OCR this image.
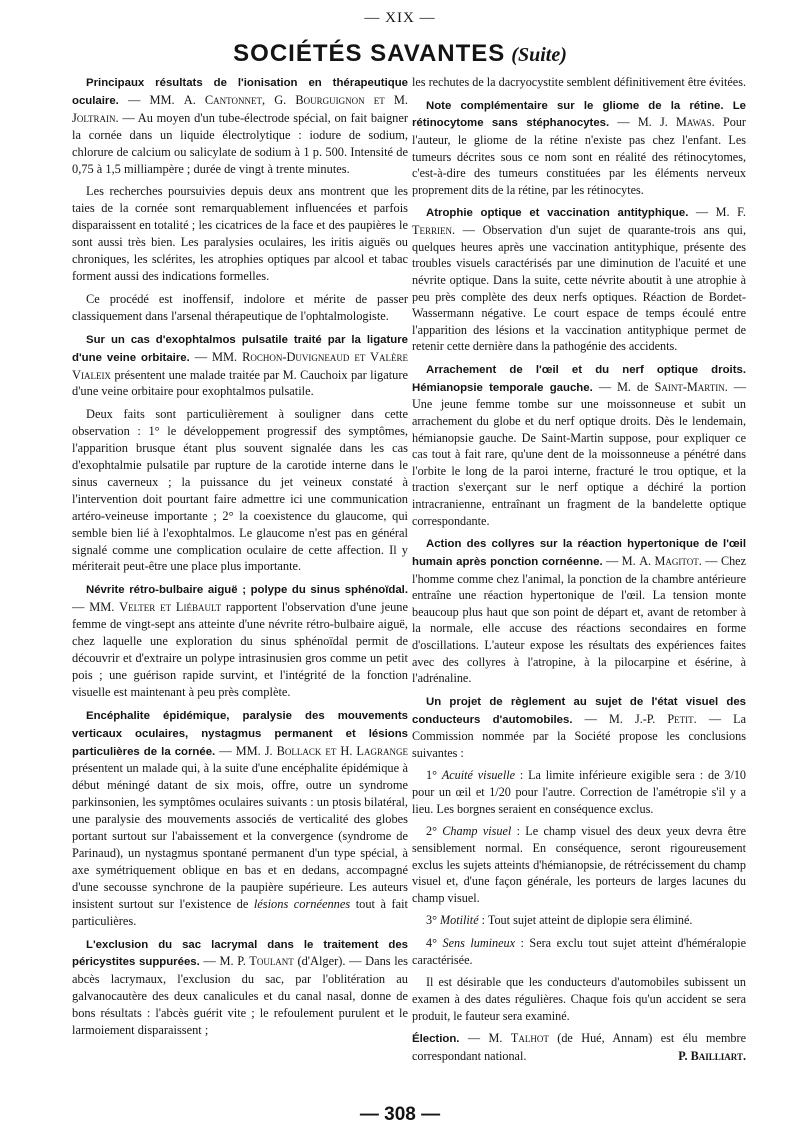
— XIX —
SOCIÉTÉS SAVANTES (Suite)

Principaux résultats de l'ionisation en thérapeutique oculaire. — MM. A. Cantonnet, G. Bourguignon et M. Joltrain. — Au moyen d'un tube-électrode spécial, on fait baigner la cornée dans un liquide électrolytique : iodure de sodium, chlorure de calcium ou salicylate de sodium à 1 p. 500. Intensité de 0,75 à 1,5 milliampère ; durée de vingt à trente minutes.

Les recherches poursuivies depuis deux ans montrent que les taies de la cornée sont remarquablement influencées et parfois disparaissent en totalité ; les cicatrices de la face et des paupières le sont aussi très bien. Les paralysies oculaires, les iritis aiguës ou chroniques, les sclérites, les atrophies optiques par alcool et tabac forment aussi des indications formelles.

Ce procédé est inoffensif, indolore et mérite de passer classiquement dans l'arsenal thérapeutique de l'ophtalmologiste.

Sur un cas d'exophtalmos pulsatile traité par la ligature d'une veine orbitaire. — MM. Rochon-Duvigneaud et Valère Vialeix présentent une malade traitée par M. Cauchoix par ligature d'une veine orbitaire pour exophtalmos pulsatile.

Deux faits sont particulièrement à souligner dans cette observation : 1° le développement progressif des symptômes, l'apparition brusque étant plus souvent signalée dans les cas d'exophtalmie pulsatile par rupture de la carotide interne dans le sinus caverneux ; la puissance du jet veineux constaté à l'intervention doit pourtant faire admettre ici une communication artéro-veineuse importante ; 2° la coexistence du glaucome, qui semble bien lié à l'exophtalmos. Le glaucome n'est pas en général signalé comme une complication oculaire de cette affection. Il y mériterait peut-être une place plus importante.

Névrite rétro-bulbaire aiguë ; polype du sinus sphénoïdal. — MM. Velter et Liébault rapportent l'observation d'une jeune femme de vingt-sept ans atteinte d'une névrite rétro-bulbaire aiguë, chez laquelle une exploration du sinus sphénoïdal permit de découvrir et d'extraire un polype intrasinusien gros comme un petit pois ; une guérison rapide survint, et l'intégrité de la fonction visuelle est maintenant à peu près complète.

Encéphalite épidémique, paralysie des mouvements verticaux oculaires, nystagmus permanent et lésions particulières de la cornée. — MM. J. Bollack et H. Lagrange présentent un malade qui, à la suite d'une encéphalite épidémique à début méningé datant de six mois, offre, outre un syndrome parkinsonien, les symptômes oculaires suivants : un ptosis bilatéral, une paralysie des mouvements associés de verticalité des globes portant surtout sur l'abaissement et la convergence (syndrome de Parinaud), un nystagmus spontané permanent d'un type spécial, à axe symétriquement oblique en bas et en dedans, accompagné d'une secousse synchrone de la paupière supérieure. Les auteurs insistent surtout sur l'existence de lésions cornéennes tout à fait particulières.

L'exclusion du sac lacrymal dans le traitement des péricystites suppurées. — M. P. Toulant (d'Alger). — Dans les abcès lacrymaux, l'exclusion du sac, par l'oblitération au galvanocautère des deux canalicules et du canal nasal, donne de bons résultats : l'abcès guérit vite ; le refoulement purulent et le larmoiement disparaissent ;

les rechutes de la dacryocystite semblent définitivement être évitées.

Note complémentaire sur le gliome de la rétine. Le rétinocytome sans stéphanocytes. — M. J. Mawas. Pour l'auteur, le gliome de la rétine n'existe pas chez l'enfant. Les tumeurs décrites sous ce nom sont en réalité des rétinocytomes, c'est-à-dire des tumeurs constituées par les éléments nerveux proprement dits de la rétine, par les rétinocytes.

Atrophie optique et vaccination antityphique. — M. F. Terrien. — Observation d'un sujet de quarante-trois ans qui, quelques heures après une vaccination antityphique, présente des troubles visuels caractérisés par une diminution de l'acuité et une névrite optique. Dans la suite, cette névrite aboutit à une atrophie à peu près complète des deux nerfs optiques. Réaction de Bordet-Wassermann négative. Le court espace de temps écoulé entre l'apparition des lésions et la vaccination antityphique permet de retenir cette dernière dans la pathogénie des accidents.

Arrachement de l'œil et du nerf optique droits. Hémianopsie temporale gauche. — M. de Saint-Martin. — Une jeune femme tombe sur une moissonneuse et subit un arrachement du globe et du nerf optique droits. Dès le lendemain, hémianopsie gauche. De Saint-Martin suppose, pour expliquer ce cas tout à fait rare, qu'une dent de la moissonneuse a pénétré dans l'orbite le long de la paroi interne, fracturé le trou optique, et la traction s'exerçant sur le nerf optique a déchiré la portion intracranienne, entraînant un fragment de la bandelette optique correspondante.

Action des collyres sur la réaction hypertonique de l'œil humain après ponction cornéenne. — M. A. Magitot. — Chez l'homme comme chez l'animal, la ponction de la chambre antérieure entraîne une réaction hypertonique de l'œil. La tension monte beaucoup plus haut que son point de départ et, avant de retomber à la normale, elle accuse des réactions secondaires en forme d'oscillations. L'auteur expose les résultats des expériences faites avec des collyres à l'atropine, à la pilocarpine et ésérine, à l'adrénaline.

Un projet de règlement au sujet de l'état visuel des conducteurs d'automobiles. — M. J.-P. Petit. — La Commission nommée par la Société propose les conclusions suivantes :

1° Acuité visuelle : La limite inférieure exigible sera : de 3/10 pour un œil et 1/20 pour l'autre. Correction de l'amétropie s'il y a lieu. Les borgnes seraient en conséquence exclus.

2° Champ visuel : Le champ visuel des deux yeux devra être sensiblement normal. En conséquence, seront rigoureusement exclus les sujets atteints d'hémianopsie, de rétrécissement du champ visuel et, d'une façon générale, les porteurs de larges lacunes du champ visuel.

3° Motilité : Tout sujet atteint de diplopie sera éliminé.

4° Sens lumineux : Sera exclu tout sujet atteint d'héméralopie caractérisée.

Il est désirable que les conducteurs d'automobiles subissent un examen à des dates régulières. Chaque fois qu'un accident se sera produit, le fauteur sera examiné.

Élection. — M. Talhot (de Hué, Annam) est élu membre correspondant national.	P. Bailliart.

— 308 —
